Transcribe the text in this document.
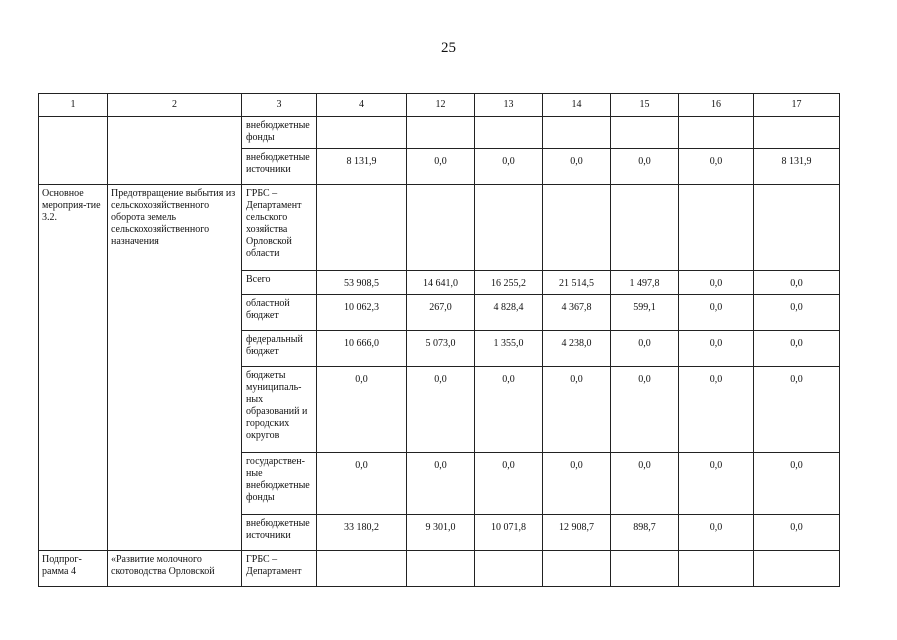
25
1	2	3	4	12	13	14	15	16	17
		внебюджетные фонды							
		внебюджетные источники	8 131,9	0,0	0,0	0,0	0,0	0,0	8 131,9
Основное мероприя-тие 3.2.	Предотвращение выбытия из сельскохозяйственного оборота земель сельскохозяйственного назначения	ГРБС – Департамент сельского хозяйства Орловской области							
		Всего	53 908,5	14 641,0	16 255,2	21 514,5	1 497,8	0,0	0,0
		областной бюджет	10 062,3	267,0	4 828,4	4 367,8	599,1	0,0	0,0
		федеральный бюджет	10 666,0	5 073,0	1 355,0	4 238,0	0,0	0,0	0,0
		бюджеты муниципаль-ных образований и городских округов	0,0	0,0	0,0	0,0	0,0	0,0	0,0
		государствен-ные внебюджетные фонды	0,0	0,0	0,0	0,0	0,0	0,0	0,0
		внебюджетные источники	33 180,2	9 301,0	10 071,8	12 908,7	898,7	0,0	0,0
Подпрог-рамма 4	«Развитие молочного скотоводства Орловской	ГРБС – Департамент							
